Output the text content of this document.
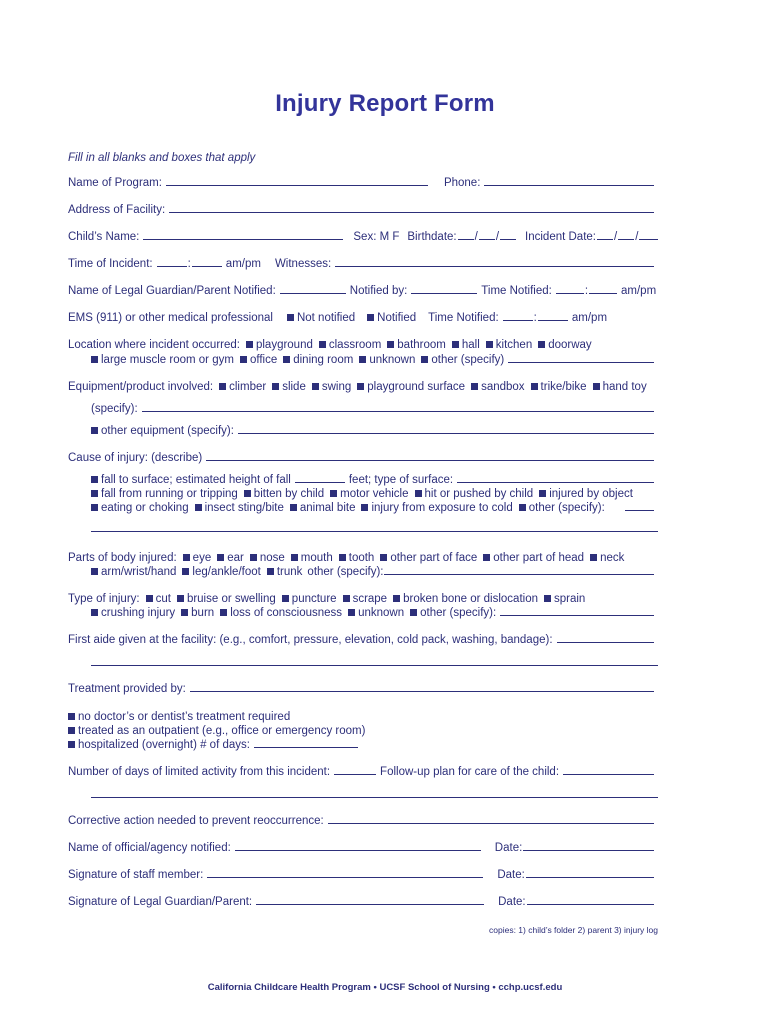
Injury Report Form
Fill in all blanks and boxes that apply
Name of Program:	Phone:
Address of Facility:
Child’s Name:	Sex: M F Birthdate: / / Incident Date: / /
Time of Incident:	:	am/pm Witnesses:
Name of Legal Guardian/Parent Notified:	Notified by:	Time Notified:	:	am/pm
EMS (911) or other medical professional Not notified Notified Time Notified:	:	am/pm
Location where incident occurred: playground classroom bathroom hall kitchen doorway
large muscle room or gym office dining room unknown other (specify)
Equipment/product involved: climber slide swing playground surface sandbox trike/bike hand toy
(specify):
other equipment (specify):
Cause of injury: (describe)
fall to surface; estimated height of fall	feet; type of surface:
fall from running or tripping bitten by child motor vehicle hit or pushed by child injured by object
eating or choking insect sting/bite animal bite injury from exposure to cold other (specify):
Parts of body injured: eye ear nose mouth tooth other part of face other part of head neck
arm/wrist/hand leg/ankle/foot trunk other (specify):
Type of injury: cut bruise or swelling puncture scrape broken bone or dislocation sprain
crushing injury burn loss of consciousness unknown other (specify):
First aide given at the facility: (e.g., comfort, pressure, elevation, cold pack, washing, bandage):
Treatment provided by:
no doctor’s or dentist’s treatment required
treated as an outpatient (e.g., office or emergency room)
hospitalized (overnight) # of days:
Number of days of limited activity from this incident:	Follow-up plan for care of the child:
Corrective action needed to prevent reoccurrence:
Name of official/agency notified:	Date:
Signature of staff member:	Date:
Signature of Legal Guardian/Parent:	Date:
copies: 1) child’s folder 2) parent 3) injury log
California Childcare Health Program • UCSF School of Nursing • cchp.ucsf.edu
